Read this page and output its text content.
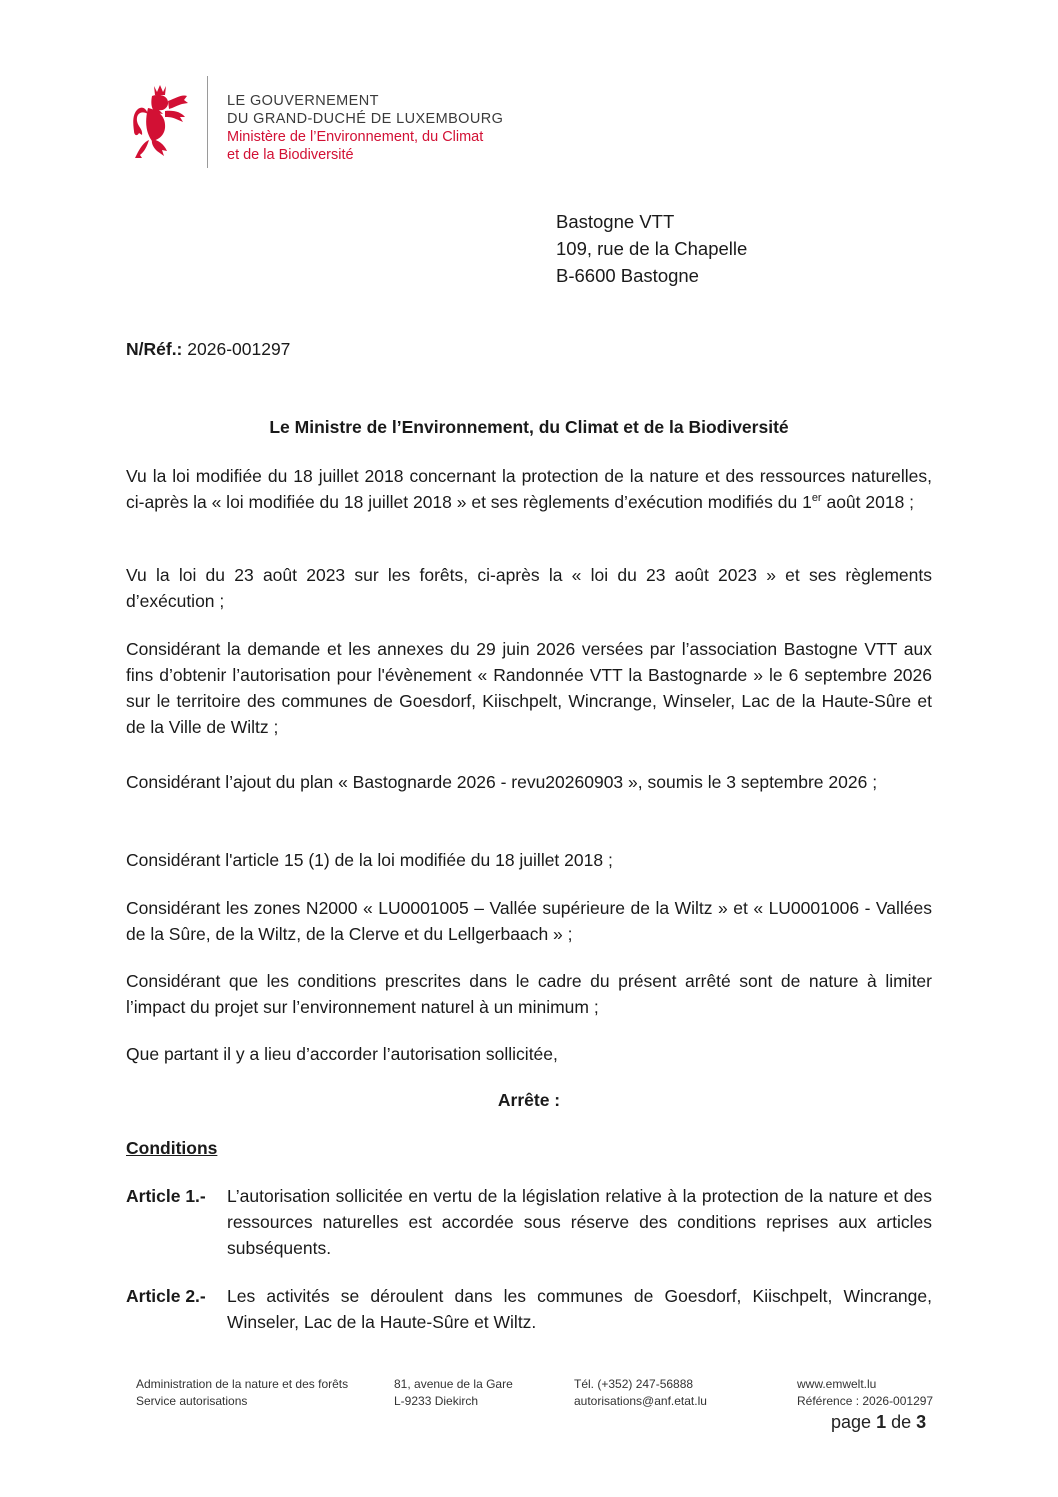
LE GOUVERNEMENT
DU GRAND-DUCHÉ DE LUXEMBOURG
Ministère de l’Environnement, du Climat
et de la Biodiversité
Bastogne VTT
109, rue de la Chapelle
B-6600 Bastogne
N/Réf.: 2026-001297
Le Ministre de l’Environnement, du Climat et de la Biodiversité

Vu la loi modifiée du 18 juillet 2018 concernant la protection de la nature et des ressources naturelles, ci-après la « loi modifiée du 18 juillet 2018 » et ses règlements d’exécution modifiés du 1er août 2018 ;

Vu la loi du 23 août 2023 sur les forêts, ci-après la « loi du 23 août 2023 » et ses règlements d’exécution ;

Considérant la demande et les annexes du 29 juin 2026 versées par l’association Bastogne VTT aux fins d’obtenir l’autorisation pour l'évènement « Randonnée VTT la Bastognarde » le 6 septembre 2026 sur le territoire des communes de Goesdorf, Kiischpelt, Wincrange, Winseler, Lac de la Haute-Sûre et de la Ville de Wiltz ;

Considérant l’ajout du plan « Bastognarde 2026 - revu20260903 », soumis le 3 septembre 2026 ;

Considérant l'article 15 (1) de la loi modifiée du 18 juillet 2018 ;

Considérant les zones N2000 « LU0001005 – Vallée supérieure de la Wiltz » et « LU0001006 - Vallées de la Sûre, de la Wiltz, de la Clerve et du Lellgerbaach » ;

Considérant que les conditions prescrites dans le cadre du présent arrêté sont de nature à limiter l’impact du projet sur l’environnement naturel à un minimum ;

Que partant il y a lieu d’accorder l’autorisation sollicitée,

Arrête :
Conditions
Article 1.- L’autorisation sollicitée en vertu de la législation relative à la protection de la nature et des ressources naturelles est accordée sous réserve des conditions reprises aux articles subséquents.
Article 2.- Les activités se déroulent dans les communes de Goesdorf, Kiischpelt, Wincrange, Winseler, Lac de la Haute-Sûre et Wiltz.
Administration de la nature et des forêts
Service autorisations
81, avenue de la Gare
L-9233 Diekirch
Tél. (+352) 247-56888
autorisations@anf.etat.lu
www.emwelt.lu
Référence : 2026-001297
page 1 de 3
